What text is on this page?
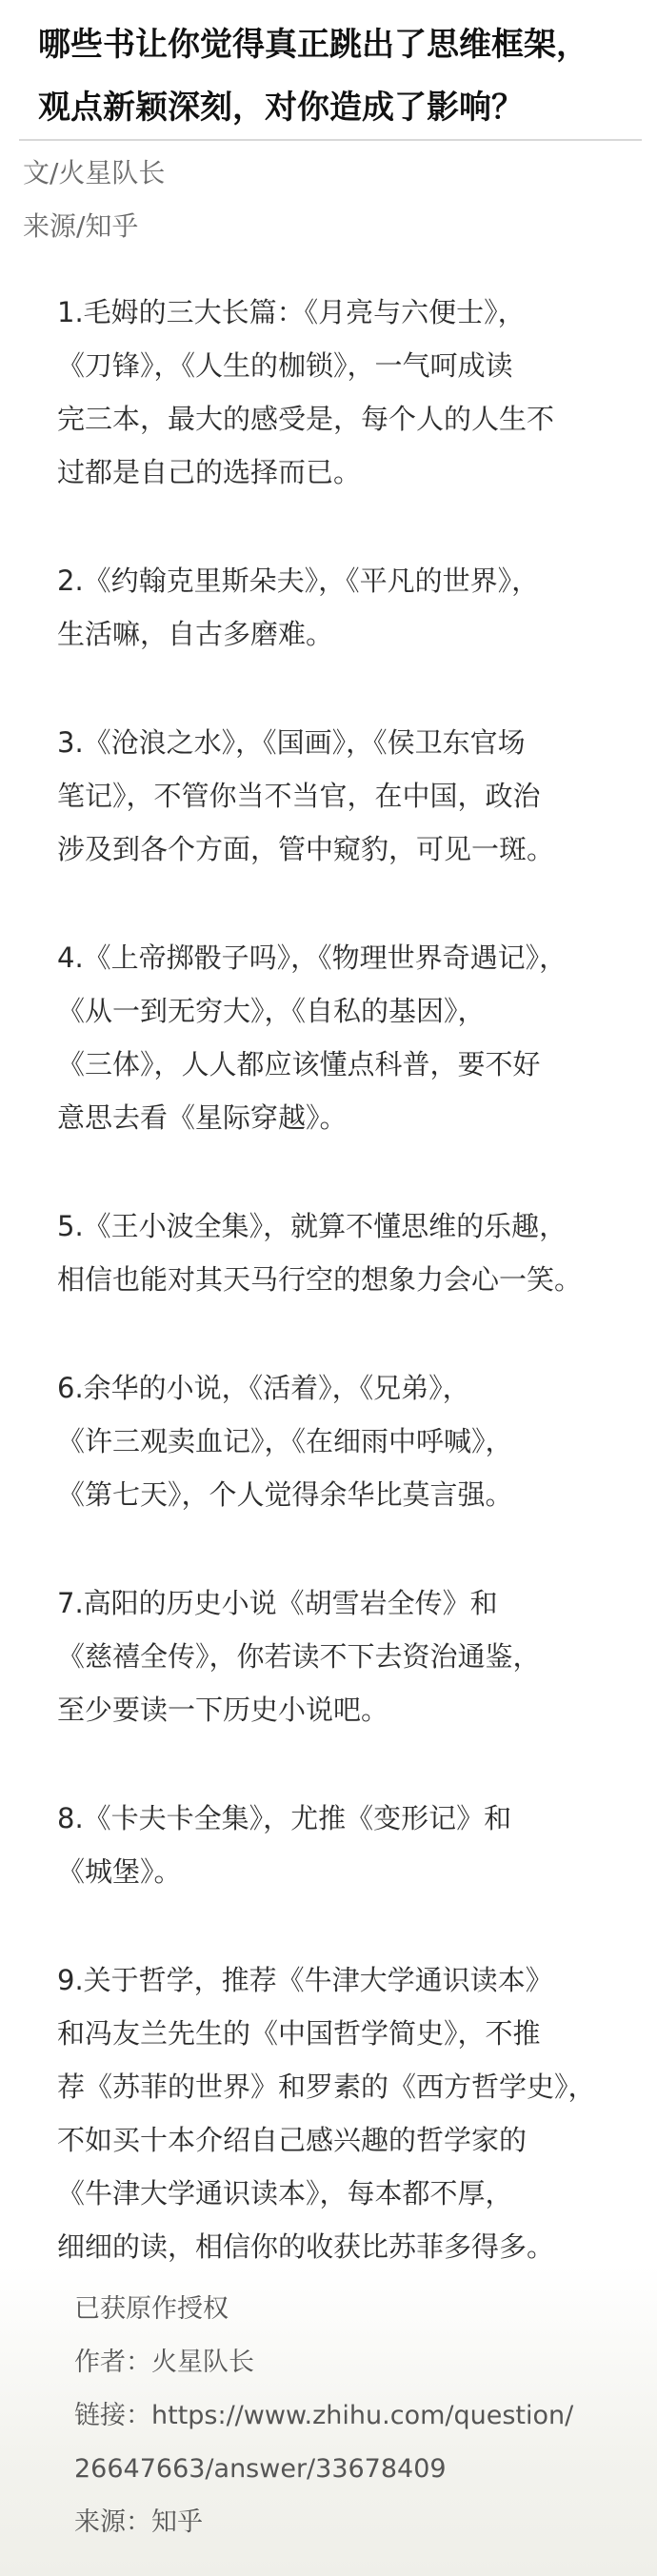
哪些书让你觉得真正跳出了思维框架，
观点新颖深刻，对你造成了影响？
文/火星队长
来源/知乎
1.毛姆的三大长篇：《月亮与六便士》，
《刀锋》，《人生的枷锁》，一气呵成读
完三本，最大的感受是，每个人的人生不
过都是自己的选择而已。
2.《约翰克里斯朵夫》，《平凡的世界》，
生活嘛，自古多磨难。
3.《沧浪之水》，《国画》，《侯卫东官场
笔记》，不管你当不当官，在中国，政治
涉及到各个方面，管中窥豹，可见一斑。
4.《上帝掷骰子吗》，《物理世界奇遇记》，
《从一到无穷大》，《自私的基因》，
《三体》，人人都应该懂点科普，要不好
意思去看《星际穿越》。
5.《王小波全集》，就算不懂思维的乐趣，
相信也能对其天马行空的想象力会心一笑。
6.余华的小说，《活着》，《兄弟》，
《许三观卖血记》，《在细雨中呼喊》，
《第七天》，个人觉得余华比莫言强。
7.高阳的历史小说《胡雪岩全传》和
《慈禧全传》，你若读不下去资治通鉴，
至少要读一下历史小说吧。
8.《卡夫卡全集》，尤推《变形记》和
《城堡》。
9.关于哲学，推荐《牛津大学通识读本》
和冯友兰先生的《中国哲学简史》，不推
荐《苏菲的世界》和罗素的《西方哲学史》，
不如买十本介绍自己感兴趣的哲学家的
《牛津大学通识读本》，每本都不厚，
细细的读，相信你的收获比苏菲多得多。
已获原作授权
作者：火星队长
链接：https://www.zhihu.com/question/
26647663/answer/33678409
来源：知乎
